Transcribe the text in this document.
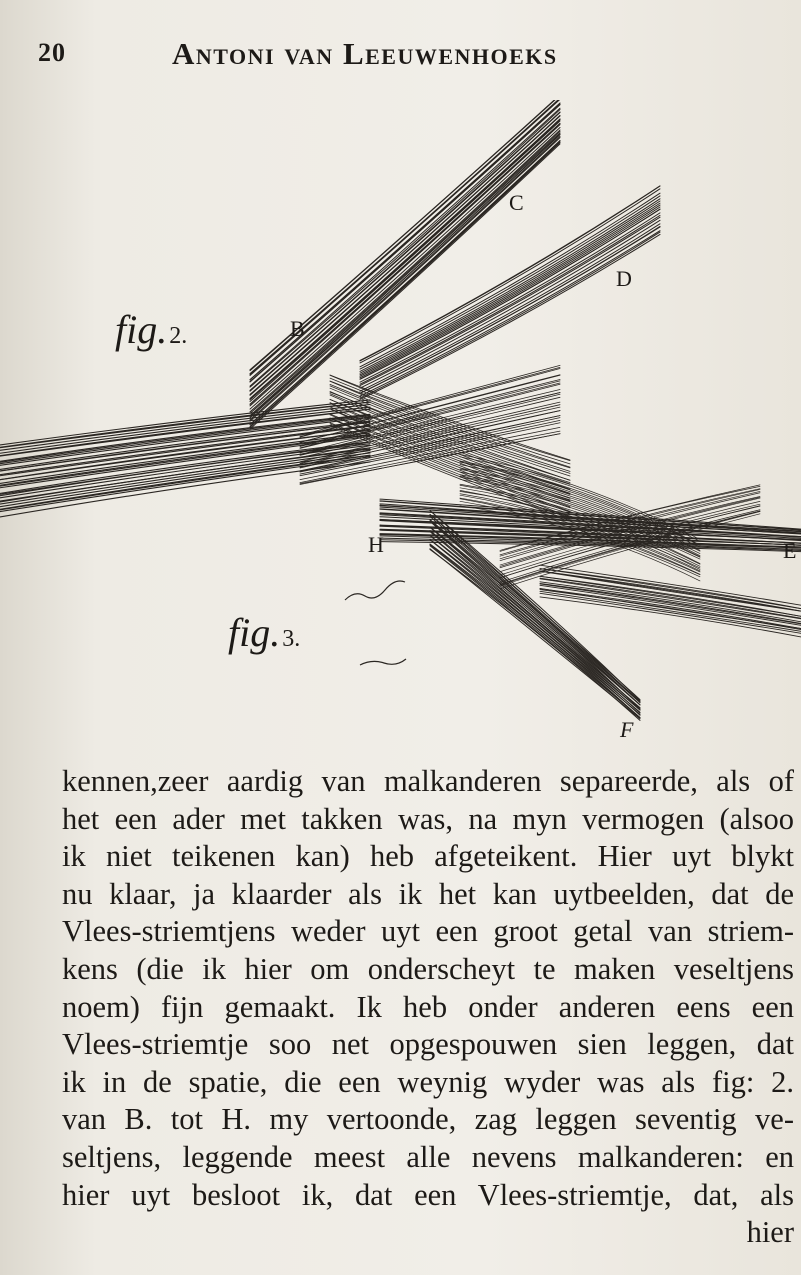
20	Antoni van Leeuwenhoeks
fig.2.
fig.3.
C
B
D
H	E
F
kennen,zeer aardig van malkanderen separeerde, als of
het een ader met takken was, na myn vermogen (alsoo
ik niet teikenen kan) heb afgeteikent. Hier uyt blykt
nu klaar, ja klaarder als ik het kan uytbeelden, dat de
Vlees-striemtjens weder uyt een groot getal van striem-
kens (die ik hier om onderscheyt te maken veseltjens
noem) fijn gemaakt. Ik heb onder anderen eens een
Vlees-striemtje soo net opgespouwen sien leggen, dat
ik in de spatie, die een weynig wyder was als fig: 2.
van B. tot H. my vertoonde, zag leggen seventig ve-
seltjens, leggende meest alle nevens malkanderen: en
hier uyt besloot ik, dat een Vlees-striemtje, dat, als
hier
